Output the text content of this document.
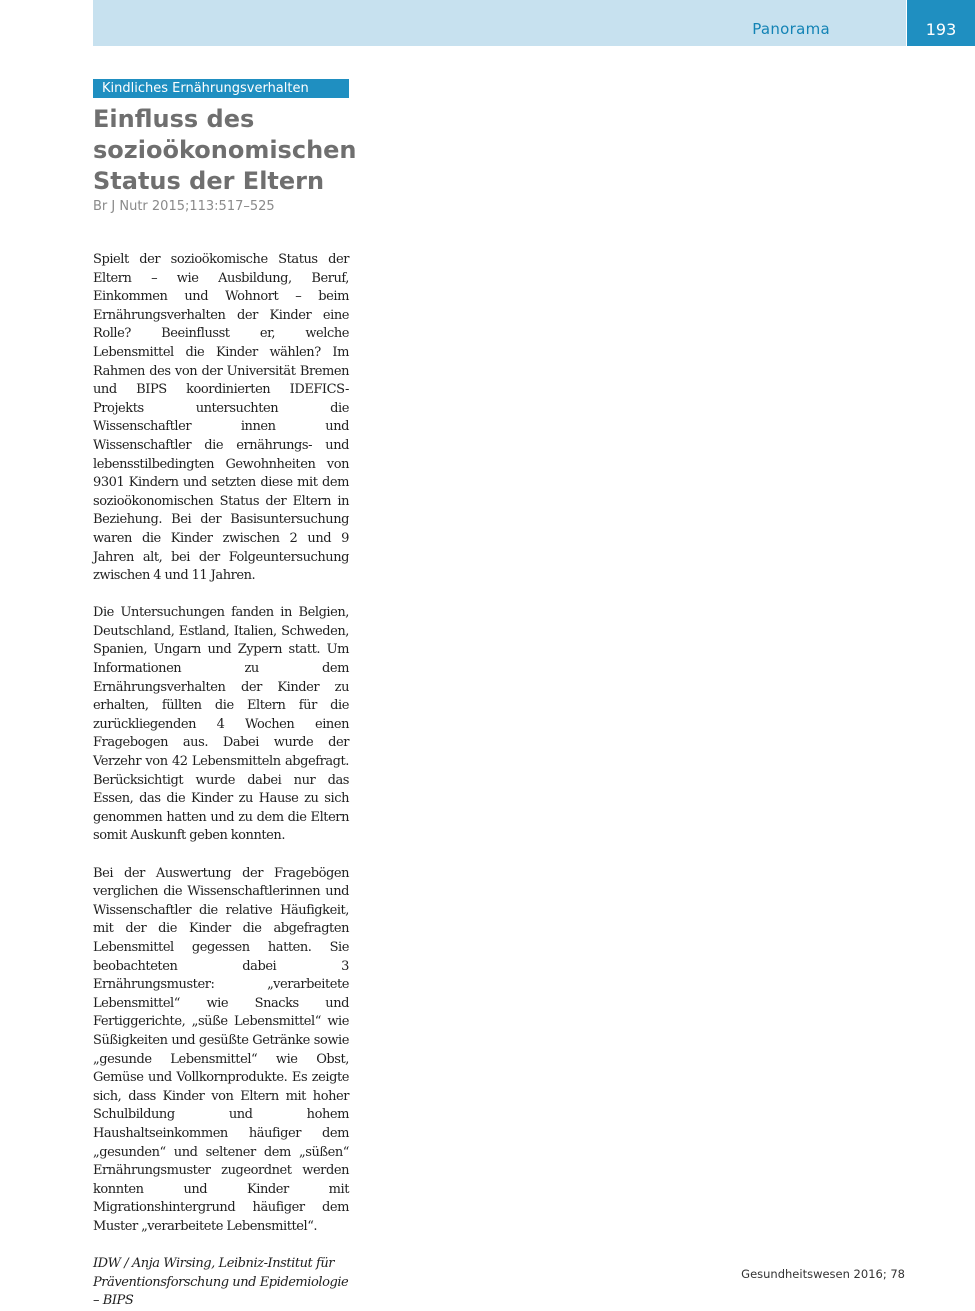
Panorama	193
Kindliches Ernährungsverhalten
Einfluss des
sozioökonomischen
Status der Eltern
Br J Nutr 2015;113:517–525

Spielt der sozioökomische Status der Eltern – wie Ausbildung, Beruf, Einkommen und Wohnort – beim Ernährungsverhalten der Kinder eine Rolle? Beeinflusst er, welche Lebensmittel die Kinder wählen? Im Rahmen des von der Universität Bremen und BIPS koordinierten IDEFICS-Projekts untersuchten die Wissenschaftler innen und Wissenschaftler die ernährungs- und lebensstilbedingten Gewohnheiten von 9301 Kindern und setzten diese mit dem sozioökonomischen Status der Eltern in Beziehung. Bei der Basisuntersuchung waren die Kinder zwischen 2 und 9 Jahren alt, bei der Folgeuntersuchung zwischen 4 und 11 Jahren.

Die Untersuchungen fanden in Belgien, Deutschland, Estland, Italien, Schweden, Spanien, Ungarn und Zypern statt. Um Informationen zu dem Ernährungsverhalten der Kinder zu erhalten, füllten die Eltern für die zurückliegenden 4 Wochen einen Fragebogen aus. Dabei wurde der Verzehr von 42 Lebensmitteln abgefragt. Berücksichtigt wurde dabei nur das Essen, das die Kinder zu Hause zu sich genommen hatten und zu dem die Eltern somit Auskunft geben konnten.

Bei der Auswertung der Fragebögen verglichen die Wissenschaftlerinnen und Wissenschaftler die relative Häufigkeit, mit der die Kinder die abgefragten Lebensmittel gegessen hatten. Sie beobachteten dabei 3 Ernährungsmuster: „verarbeitete Lebensmittel“ wie Snacks und Fertiggerichte, „süße Lebensmittel“ wie Süßigkeiten und gesüßte Getränke sowie „gesunde Lebensmittel“ wie Obst, Gemüse und Vollkornprodukte. Es zeigte sich, dass Kinder von Eltern mit hoher Schulbildung und hohem Haushaltseinkommen häufiger dem „gesunden“ und seltener dem „süßen“ Ernährungsmuster zugeordnet werden konnten und Kinder mit Migrationshintergrund häufiger dem Muster „verarbeitete Lebensmittel“.

IDW / Anja Wirsing, Leibniz-Institut für
Präventionsforschung und Epidemiologie
– BIPS
Gesundheitswesen 2016; 78
